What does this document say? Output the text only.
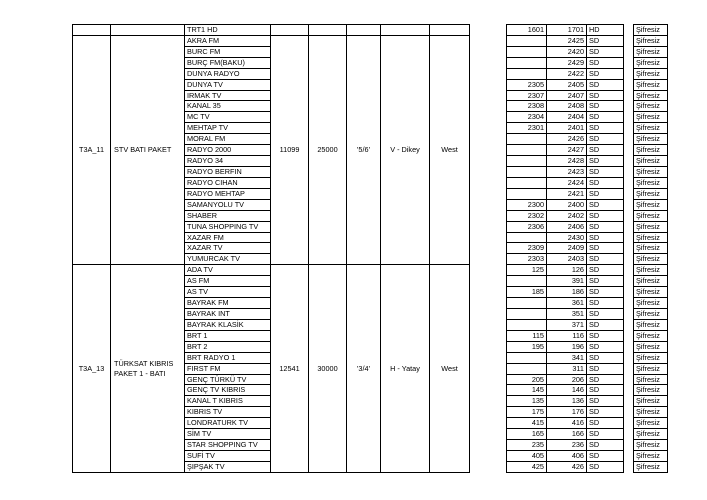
		TRT1 HD							1601	1701	HD		Şifresiz
T3A_11	STV BATI PAKET	AKRA FM	11099	25000	'5/6'	V - Dikey	West			2425	SD		Şifresiz
		BURC FM								2420	SD		Şifresiz
		BURÇ FM(BAKU)								2429	SD		Şifresiz
		DUNYA RADYO								2422	SD		Şifresiz
		DUNYA TV							2305	2405	SD		Şifresiz
		IRMAK TV							2307	2407	SD		Şifresiz
		KANAL 35							2308	2408	SD		Şifresiz
		MC TV							2304	2404	SD		Şifresiz
		MEHTAP TV							2301	2401	SD		Şifresiz
		MORAL FM								2426	SD		Şifresiz
		RADYO 2000								2427	SD		Şifresiz
		RADYO 34								2428	SD		Şifresiz
		RADYO BERFIN								2423	SD		Şifresiz
		RADYO CIHAN								2424	SD		Şifresiz
		RADYO MEHTAP								2421	SD		Şifresiz
		SAMANYOLU TV							2300	2400	SD		Şifresiz
		SHABER							2302	2402	SD		Şifresiz
		TUNA SHOPPING TV							2306	2406	SD		Şifresiz
		XAZAR FM								2430	SD		Şifresiz
		XAZAR TV							2309	2409	SD		Şifresiz
		YUMURCAK TV							2303	2403	SD		Şifresiz
T3A_13	TÜRKSAT KIBRIS PAKET 1 - BATI	ADA TV	12541	30000	'3/4'	H - Yatay	West		125	126	SD		Şifresiz
		AS FM								391	SD		Şifresiz
		AS TV							185	186	SD		Şifresiz
		BAYRAK FM								361	SD		Şifresiz
		BAYRAK INT								351	SD		Şifresiz
		BAYRAK KLASİK								371	SD		Şifresiz
		BRT 1							115	116	SD		Şifresiz
		BRT 2							195	196	SD		Şifresiz
		BRT RADYO 1								341	SD		Şifresiz
		FIRST FM								311	SD		Şifresiz
		GENÇ TÜRKÜ TV							205	206	SD		Şifresiz
		GENÇ TV KIBRIS							145	146	SD		Şifresiz
		KANAL T KIBRIS							135	136	SD		Şifresiz
		KIBRIS TV							175	176	SD		Şifresiz
		LONDRATURK TV							415	416	SD		Şifresiz
		SİM TV							165	166	SD		Şifresiz
		STAR SHOPPING TV							235	236	SD		Şifresiz
		SUFİ TV							405	406	SD		Şifresiz
		ŞIPŞAK TV							425	426	SD		Şifresiz
